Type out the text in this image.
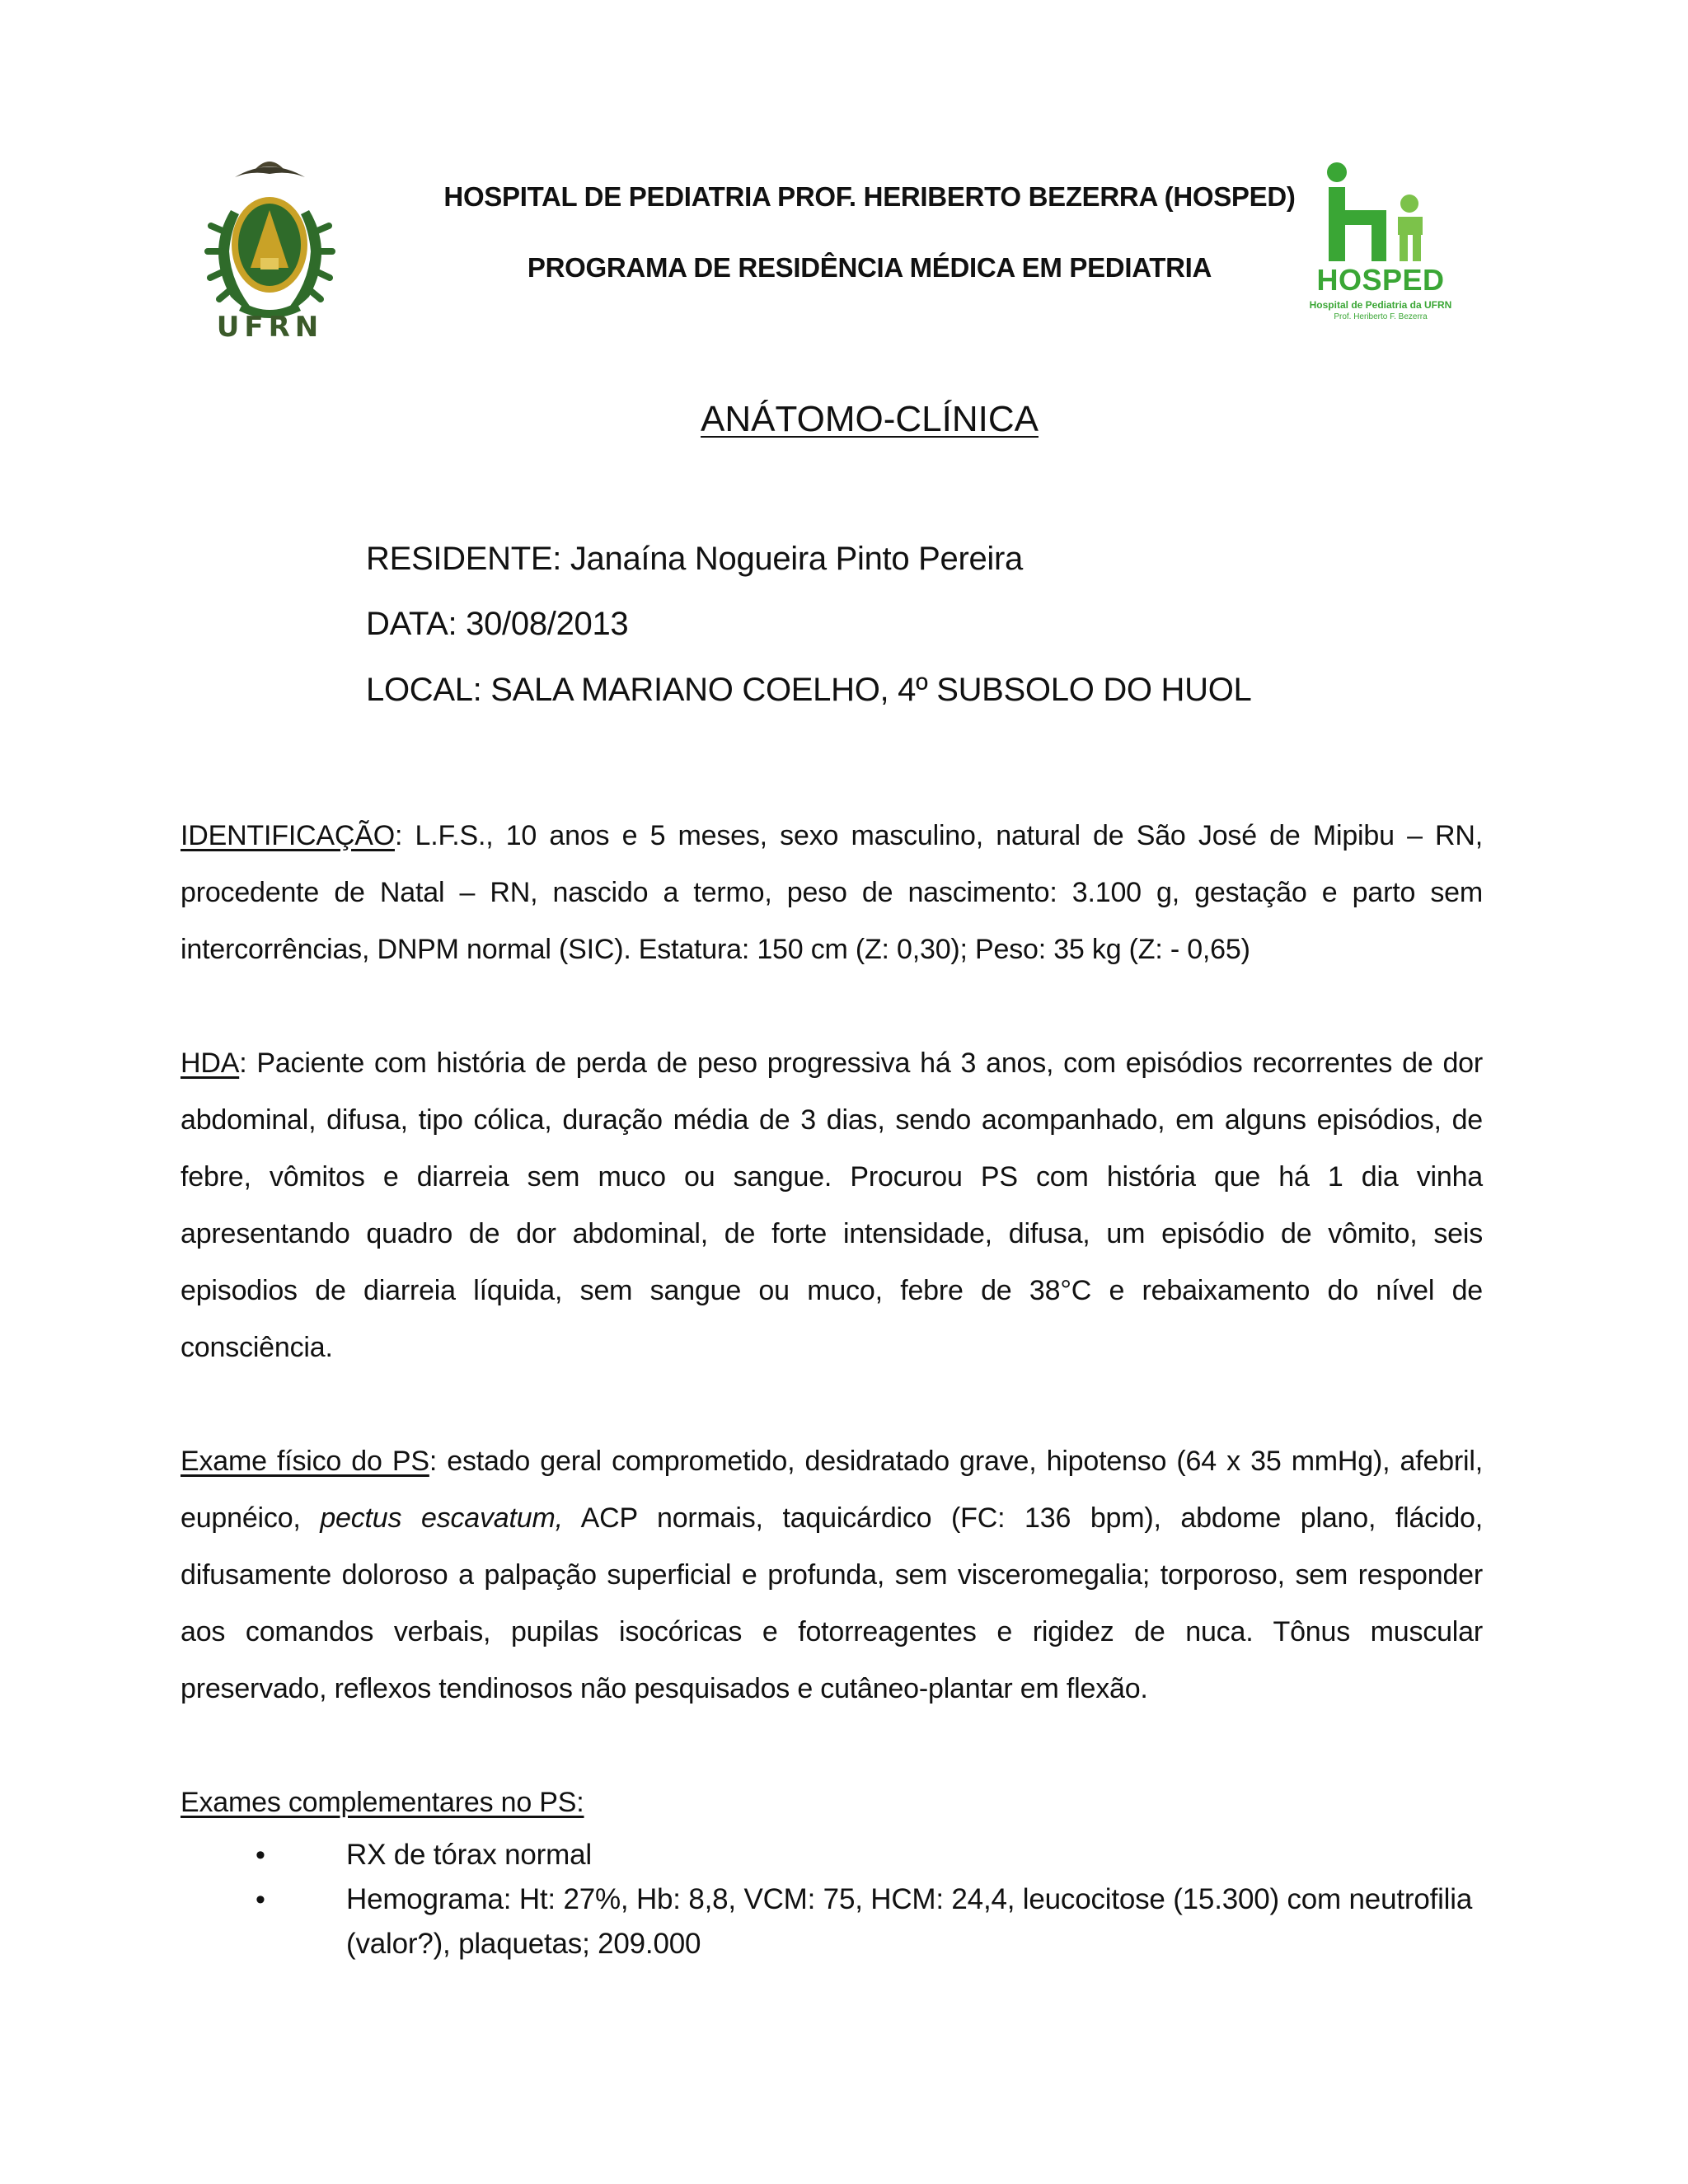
UFRN
HOSPITAL DE PEDIATRIA PROF. HERIBERTO BEZERRA (HOSPED)
PROGRAMA DE RESIDÊNCIA MÉDICA EM PEDIATRIA	HOSPED
Hospital de Pediatria da UFRN
Prof. Heriberto F. Bezerra
ANÁTOMO-CLÍNICA
RESIDENTE: Janaína Nogueira Pinto Pereira
DATA: 30/08/2013
LOCAL: SALA MARIANO COELHO, 4º SUBSOLO DO HUOL
IDENTIFICAÇÃO: L.F.S., 10 anos e 5 meses, sexo masculino, natural de São José de Mipibu – RN, procedente de Natal – RN, nascido a termo, peso de nascimento: 3.100 g, gestação e parto sem intercorrências, DNPM normal (SIC). Estatura: 150 cm (Z: 0,30); Peso: 35 kg (Z: - 0,65)
HDA: Paciente com história de perda de peso progressiva há 3 anos, com episódios recorrentes de dor abdominal, difusa, tipo cólica, duração média de 3 dias, sendo acompanhado, em alguns episódios, de febre, vômitos e diarreia sem muco ou sangue. Procurou PS com história que há 1 dia vinha apresentando quadro de dor abdominal, de forte intensidade, difusa, um episódio de vômito, seis episodios de diarreia líquida, sem sangue ou muco, febre de 38°C e rebaixamento do nível de consciência.
Exame físico do PS: estado geral comprometido, desidratado grave, hipotenso (64 x 35 mmHg), afebril, eupnéico, pectus escavatum, ACP normais, taquicárdico (FC: 136 bpm), abdome plano, flácido, difusamente doloroso a palpação superficial e profunda, sem visceromegalia; torporoso, sem responder aos comandos verbais, pupilas isocóricas e fotorreagentes e rigidez de nuca. Tônus muscular preservado, reflexos tendinosos não pesquisados e cutâneo-plantar em flexão.
Exames complementares no PS:
•	RX de tórax normal
•	Hemograma: Ht: 27%, Hb: 8,8, VCM: 75, HCM: 24,4, leucocitose (15.300) com neutrofilia (valor?), plaquetas; 209.000
